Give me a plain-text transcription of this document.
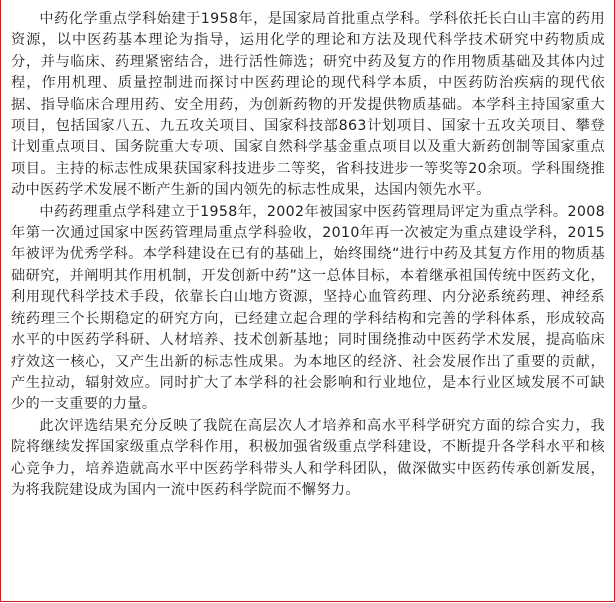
中药化学重点学科始建于1958年，是国家局首批重点学科。学科依托长白山丰富的药用资源，以中医药基本理论为指导，运用化学的理论和方法及现代科学技术研究中药物质成分，并与临床、药理紧密结合，进行活性筛选；研究中药及复方的作用物质基础及其体内过程，作用机理、质量控制进而探讨中医药理论的现代科学本质，中医药防治疾病的现代依据、指导临床合理用药、安全用药，为创新药物的开发提供物质基础。本学科主持国家重大项目，包括国家八五、九五攻关项目、国家科技部863计划项目、国家十五攻关项目、攀登计划重点项目、国务院重大专项、国家自然科学基金重点项目以及重大新药创制等国家重点项目。主持的标志性成果获国家科技进步二等奖，省科技进步一等奖等20余项。学科围绕推动中医药学术发展不断产生新的国内领先的标志性成果，达国内领先水平。

中药药理重点学科建立于1958年，2002年被国家中医药管理局评定为重点学科。2008年第一次通过国家中医药管理局重点学科验收，2010年再一次被定为重点建设学科，2015年被评为优秀学科。本学科建设在已有的基础上，始终围绕“进行中药及其复方作用的物质基础研究，并阐明其作用机制，开发创新中药”这一总体目标，本着继承祖国传统中医药文化，利用现代科学技术手段，依靠长白山地方资源，坚持心血管药理、内分泌系统药理、神经系统药理三个长期稳定的研究方向，已经建立起合理的学科结构和完善的学科体系，形成较高水平的中医药学科研、人材培养、技术创新基地；同时围绕推动中医药学术发展，提高临床疗效这一核心，又产生出新的标志性成果。为本地区的经济、社会发展作出了重要的贡献，产生拉动，辐射效应。同时扩大了本学科的社会影响和行业地位，是本行业区域发展不可缺少的一支重要的力量。

此次评选结果充分反映了我院在高层次人才培养和高水平科学研究方面的综合实力，我院将继续发挥国家级重点学科作用，积极加强省级重点学科建设，不断提升各学科水平和核心竞争力，培养造就高水平中医药学科带头人和学科团队，做深做实中医药传承创新发展，为将我院建设成为国内一流中医药科学院而不懈努力。
